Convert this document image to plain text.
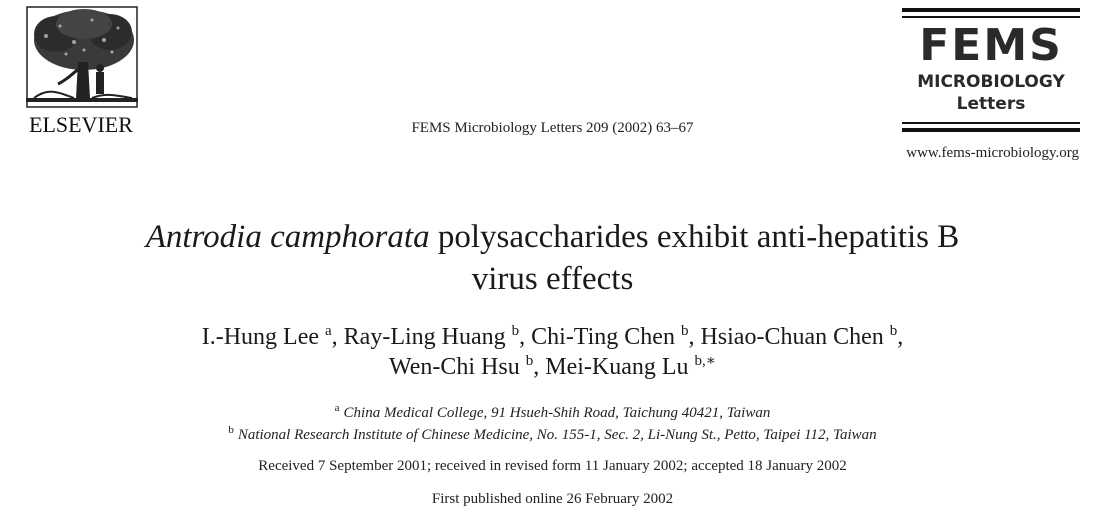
ELSEVIER	FEMS Microbiology Letters 209 (2002) 63–67
FEMS
MICROBIOLOGY
Letters
www.fems-microbiology.org
Antrodia camphorata polysaccharides exhibit anti-hepatitis B
virus effects
I.-Hung Lee $^a$, Ray-Ling Huang $^b$, Chi-Ting Chen $^b$, Hsiao-Chuan Chen $^b$,
Wen-Chi Hsu $^b$, Mei-Kuang Lu $^{b,∗}$
$^a$ China Medical College, 91 Hsueh-Shih Road, Taichung 40421, Taiwan
$^b$ National Research Institute of Chinese Medicine, No. 155-1, Sec. 2, Li-Nung St., Petto, Taipei 112, Taiwan
Received 7 September 2001; received in revised form 11 January 2002; accepted 18 January 2002
First published online 26 February 2002
